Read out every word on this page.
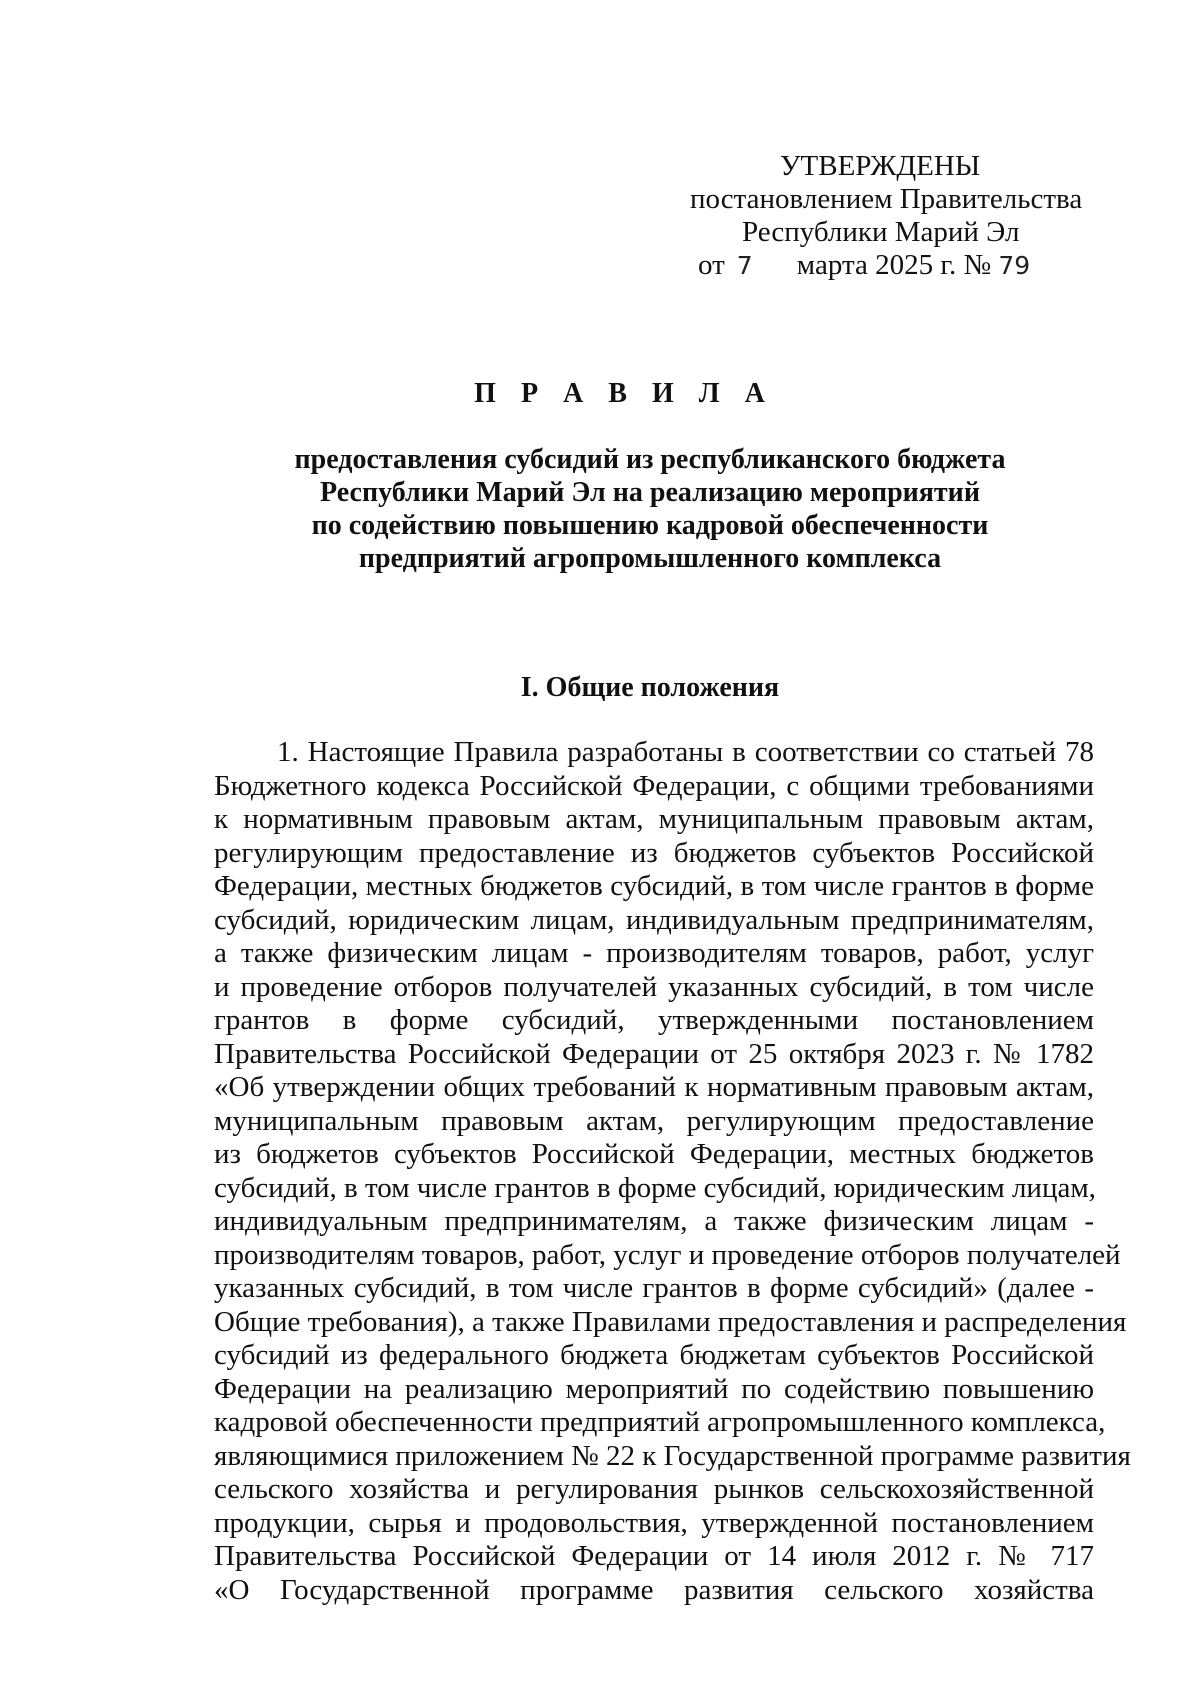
УТВЕРЖДЕНЫ
постановлением Правительства
Республики Марий Эл
от 7 марта 2025 г. № 79
П Р А В И Л А
предоставления субсидий из республиканского бюджета
Республики Марий Эл на реализацию мероприятий
по содействию повышению кадровой обеспеченности
предприятий агропромышленного комплекса
I. Общие положения
1. Настоящие Правила разработаны в соответствии со статьей 78
Бюджетного кодекса Российской Федерации, с общими требованиями
к нормативным правовым актам, муниципальным правовым актам,
регулирующим предоставление из бюджетов субъектов Российской
Федерации, местных бюджетов субсидий, в том числе грантов в форме
субсидий, юридическим лицам, индивидуальным предпринимателям,
а также физическим лицам - производителям товаров, работ, услуг
и проведение отборов получателей указанных субсидий, в том числе
грантов в форме субсидий, утвержденными постановлением
Правительства Российской Федерации от 25 октября 2023 г. № 1782
«Об утверждении общих требований к нормативным правовым актам,
муниципальным правовым актам, регулирующим предоставление
из бюджетов субъектов Российской Федерации, местных бюджетов
субсидий, в том числе грантов в форме субсидий, юридическим лицам,
индивидуальным предпринимателям, а также физическим лицам -
производителям товаров, работ, услуг и проведение отборов получателей
указанных субсидий, в том числе грантов в форме субсидий» (далее -
Общие требования), а также Правилами предоставления и распределения
субсидий из федерального бюджета бюджетам субъектов Российской
Федерации на реализацию мероприятий по содействию повышению
кадровой обеспеченности предприятий агропромышленного комплекса,
являющимися приложением № 22 к Государственной программе развития
сельского хозяйства и регулирования рынков сельскохозяйственной
продукции, сырья и продовольствия, утвержденной постановлением
Правительства Российской Федерации от 14 июля 2012 г. № 717
«О Государственной программе развития сельского хозяйства
